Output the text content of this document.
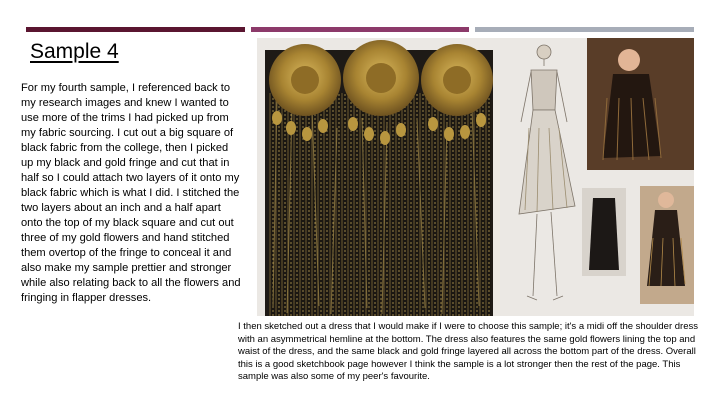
Sample 4
For my fourth sample, I referenced back to my research images and knew I wanted to use more of the trims I had picked up from my fabric sourcing. I cut out a big square of black fabric from the college, then I picked up my black and gold fringe and cut that in half so I could attach two layers of it onto my black fabric which is what I did. I stitched the two layers about an inch and a half apart onto the top of my black square and cut out three of my gold flowers and hand stitched them overtop of the fringe to conceal it and also make my sample prettier and stronger while also relating back to all the flowers and fringing in flapper dresses.
I then sketched out a dress that I would make if I were to choose this sample; it's a midi off the shoulder dress with an asymmetrical hemline at the bottom. The dress also features the same gold flowers lining the top and waist of the dress, and the same black and gold fringe layered all across the bottom part of the dress. Overall this is a good sketchbook page however I think the sample is a lot stronger then the rest of the page. This sample was also some of my peer's favourite.
